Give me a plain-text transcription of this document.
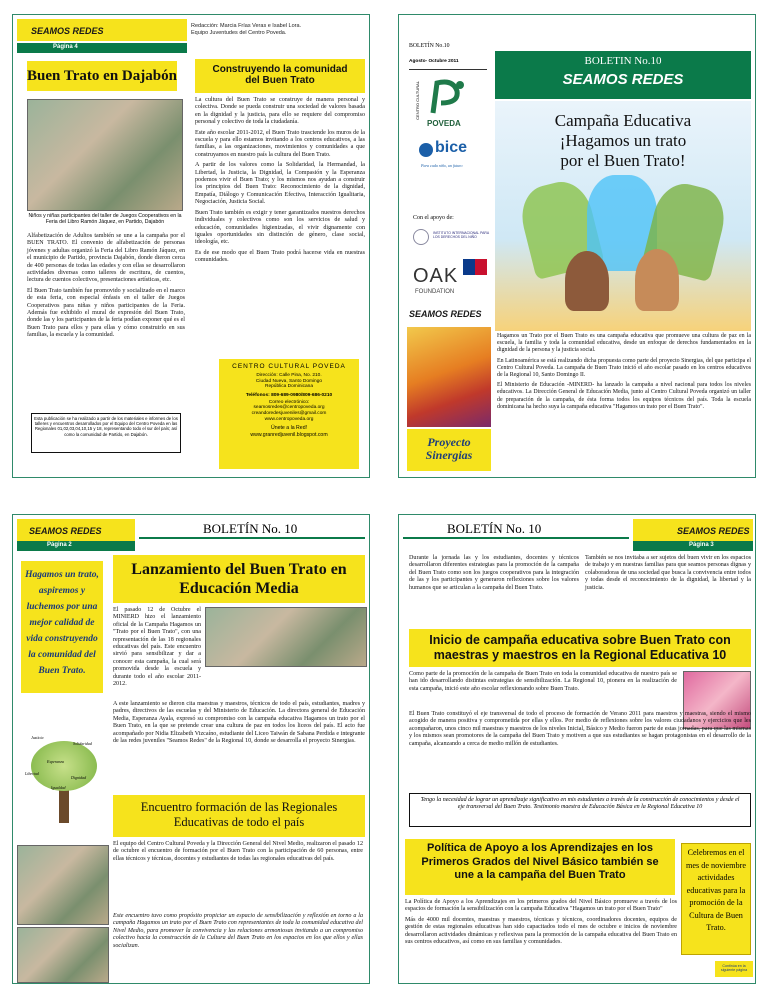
SEAMOS REDES
Página 4
Redacción: Marcia Frías Veras e Isabel Lora.
Equipo Juventudes del Centro Poveda.
Buen Trato en Dajabón	Construyendo la comunidad del Buen Trato
Niños y niñas participantes del taller de Juegos Cooperativos en la Feria del Libro Ramón Jáquez, en Partido, Dajabón

Alfabetización de Adultos también se une a la campaña por el BUEN TRATO. El convenio de alfabetización de personas jóvenes y adultas organizó la Feria del Libro Ramón Jáquez, en el municipio de Partido, provincia Dajabón, donde dieron cerca de 400 personas de todas las edades y con ellas se desarrollaron actividades diversas como talleres de escritura, de cuentos, lectura de cuentos colectivos, presentaciones artísticas, etc.

El Buen Trato también fue promovido y socializado en el marco de esta feria, con especial énfasis en el taller de Juegos Cooperativos para niñas y niños participantes de la Feria. Además fue exhibido el mural de expresión del Buen Trato, donde las y los participantes de la feria podían exponer qué es el Buen Trato para ellos y para ellas y cómo construirlo en sus familias, la escuela y la comunidad.

Esta publicación se ha realizado a partir de los materiales e informes de los talleres y encuentros desarrollados por el Equipo del Centro Poveda en las Regionales 01,02,03,04,10,15 y 18, representando todo el sur del país; así como la comunidad de Partido, en Dajabón.

La cultura del Buen Trato se construye de manera personal y colectiva. Donde se pueda construir una sociedad de valores basada en la dignidad y la justicia, para ello se requiere del compromiso personal y colectivo de toda la ciudadanía.

Este año escolar 2011-2012, el Buen Trato trasciende los muros de la escuela y para ello estamos invitando a los centros educativos, a las familias, a las organizaciones, movimientos y comunidades a que construyamos en nuestro país la cultura del Buen Trato.

A partir de los valores como la Solidaridad, la Hermandad, la Libertad, la Justicia, la Dignidad, la Compasión y la Esperanza podemos vivir el Buen Trato; y los mismos nos ayudan a construir los principios del Buen Trato: Reconocimiento de la dignidad, Empatía, Diálogo y Comunicación Efectiva, Interacción Igualitaria, Negociación, Justicia Social.

Buen Trato también es exigir y tener garantizados nuestros derechos individuales y colectivos como son los servicios de salud y educación, comunidades higienizadas, el vivir dignamente con iguales oportunidades sin distinción de género, clase social, ideología, etc.

Es de ese modo que el Buen Trato podrá hacerse vida en nuestras comunidades.

CENTRO CULTURAL POVEDA
Dirección: Calle Pina, No. 210.
Ciudad Nueva, Santo Domingo
República Dominicana
Teléfonos: 809-689-0980/809-686-0210
Correo electrónico:
seamosredes@centropoveda.org
creandoredesjuveniles@gmail.com
www.centropoveda.org
Únete a la Red!
www.granredjuvenil.blogspot.com
BOLETÍN No.10
Agosto- Octubre 2011
CENTRO CULTURAL
POVEDA
bice
Para cada niño, un futuro
Con el apoyo de:
INSTITUTO INTERNACIONAL PARA LOS DERECHOS DEL NIÑO
OAK
FOUNDATION
SEAMOS REDES
Proyecto
Sinergias
BOLETIN No.10
SEAMOS REDES
Campaña Educativa
¡Hagamos un trato
por el Buen Trato!

Hagamos un Trato por el Buen Trato es una campaña educativa que promueve una cultura de paz en la escuela, la familia y toda la comunidad educativa, desde un enfoque de derechos fundamentados en la dignidad de la persona y la justicia social.

En Latinoamérica se está realizando dicha propuesta como parte del proyecto Sinergias, del que participa el Centro Cultural Poveda. La campaña de Buen Trato inició el año escolar pasado en los centros educativos de la Regional 10, Santo Domingo II.

El Ministerio de Educación -MINERD- ha lanzado la campaña a nivel nacional para todos los niveles educativos. La Dirección General de Educación Media, junto al Centro Cultural Poveda organizó un taller de preparación de la campaña, de ésta forma todos los equipos técnicos del país. Toda la escuela dominicana ha hecho suya la campaña educativa "Hagamos un trato por el Buen Trato".

SEAMOS REDES
Página 2
BOLETÍN No. 10
Hagamos un trato, aspiremos y luchemos por una mejor calidad de vida construyendo la comunidad del Buen Trato.
Lanzamiento del Buen Trato en Educación Media
El pasado 12 de Octubre el MINIERD hizo el lanzamiento oficial de la Campaña Hagamos un "Trato por el Buen Trato", con una representación de las 18 regionales educativas del país. Este encuentro sirvió para sensibilizar y dar a conocer esta campaña, la cual será promovida desde la escuela y durante todo el año escolar 2011-2012.
A este lanzamiento se dieron cita maestras y maestros, técnicos de todo el país, estudiantes, madres y padres, directivos de las escuelas y del Ministerio de Educación. La directora general de Educación Media, Esperanza Ayala, expresó su compromiso con la campaña educativa Hagamos un trato por el Buen Trato, en la que se pretende crear una cultura de paz en todos los liceos del país. El acto fue acompañado por Nidia Elizabeth Vizcaíno, estudiante del Liceo Taiwán de Sabana Perdida e integrante de las redes juveniles "Seamos Redes" de la Regional 10, donde se desarrolla el proyecto Sinergias.
Justicia
Solidaridad
Esperanza
Libertad
Dignidad
Igualdad
Encuentro formación de las Regionales Educativas de todo el país
El equipo del Centro Cultural Poveda y la Dirección General del Nivel Medio, realizaron el pasado 12 de octubre el encuentro de formación por el Buen Trato con la participación de 60 personas, entre ellas técnicos y técnicas, docentes y estudiantes de todas las regionales educativas del país.
Este encuentro tuvo como propósito propiciar un espacio de sensibilización y reflexión en torno a la campaña Hagamos un trato por el Buen Trato con representantes de toda la comunidad educativa del Nivel Medio, para promover la convivencia y las relaciones armoniosas invitando a un compromiso colectivo hacia la construcción de la Cultura del Buen Trato en los espacios en los que ellos y ellas socializan.
BOLETÍN No. 10	SEAMOS REDES
Página 3
Durante la jornada las y los estudiantes, docentes y técnicos desarrollaron diferentes estrategias para la promoción de la campaña del Buen Trato como son los juegos cooperativos para la integración de las y los participantes y generaron reflexiones sobre los valores humanos que se articulan a la campaña del Buen Trato.
También se nos invitaba a ser sujetos del buen vivir en los espacios de trabajo y en nuestras familias para que seamos personas dignas y colaboradoras de una sociedad que busca la convivencia entre todos y todas desde el reconocimiento de la dignidad, la libertad y la justicia.
Inicio de campaña educativa sobre Buen Trato con maestras y maestros en la Regional Educativa 10
Como parte de la promoción de la campaña de Buen Trato en toda la comunidad educativa de nuestro país se han ido desarrollando distintas estrategias de sensibilización. La Regional 10, pionera en la realización de esta campaña, inició este año escolar reflexionando sobre Buen Trato.
El Buen Trato constituyó el eje transversal de todo el proceso de formación de Verano 2011 para maestros y maestras, siendo el mismo acogido de manera positiva y comprometida por ellas y ellos. Por medio de reflexiones sobre los valores ciudadanos y ejercicios que les acompañaron, unos cinco mil maestras y maestros de los niveles Inicial, Básico y Medio fueron parte de estas jornadas, para que las mismas y los mismos sean promotores de la campaña del Buen Trato y motiven a que sus estudiantes se hagan protagonistas en el desarrollo de la campaña, alcanzando a cerca de medio millón de estudiantes.
Tengo la necesidad de lograr un aprendizaje significativo en mis estudiantes a través de la construcción de conocimientos y desde el eje transversal del Buen Trato. Testimonio maestra de Educación Básica en la Regional Educativa 10
Política de Apoyo a los Aprendizajes en los Primeros Grados del Nivel Básico también se une a la campaña del Buen Trato

La Política de Apoyo a los Aprendizajes en los primeros grados del Nivel Básico promueve a través de los espacios de formación la sensibilización con la campaña Educativa "Hagamos un trato por el Buen Trato"

Más de 4000 mil docentes, maestras y maestros, técnicas y técnicos, coordinadores docentes, equipos de gestión de estas regionales educativas han sido capacitados todo el mes de octubre e inicios de noviembre desarrollaron actividades dinámicas y reflexivas para la promoción de la campaña educativa del Buen Trato en sus centros educativos, así como en sus familias y comunidades.

Celebremos en el mes de noviembre actividades educativas para la promoción de la Cultura de Buen Trato.
Continúa en la siguiente página
